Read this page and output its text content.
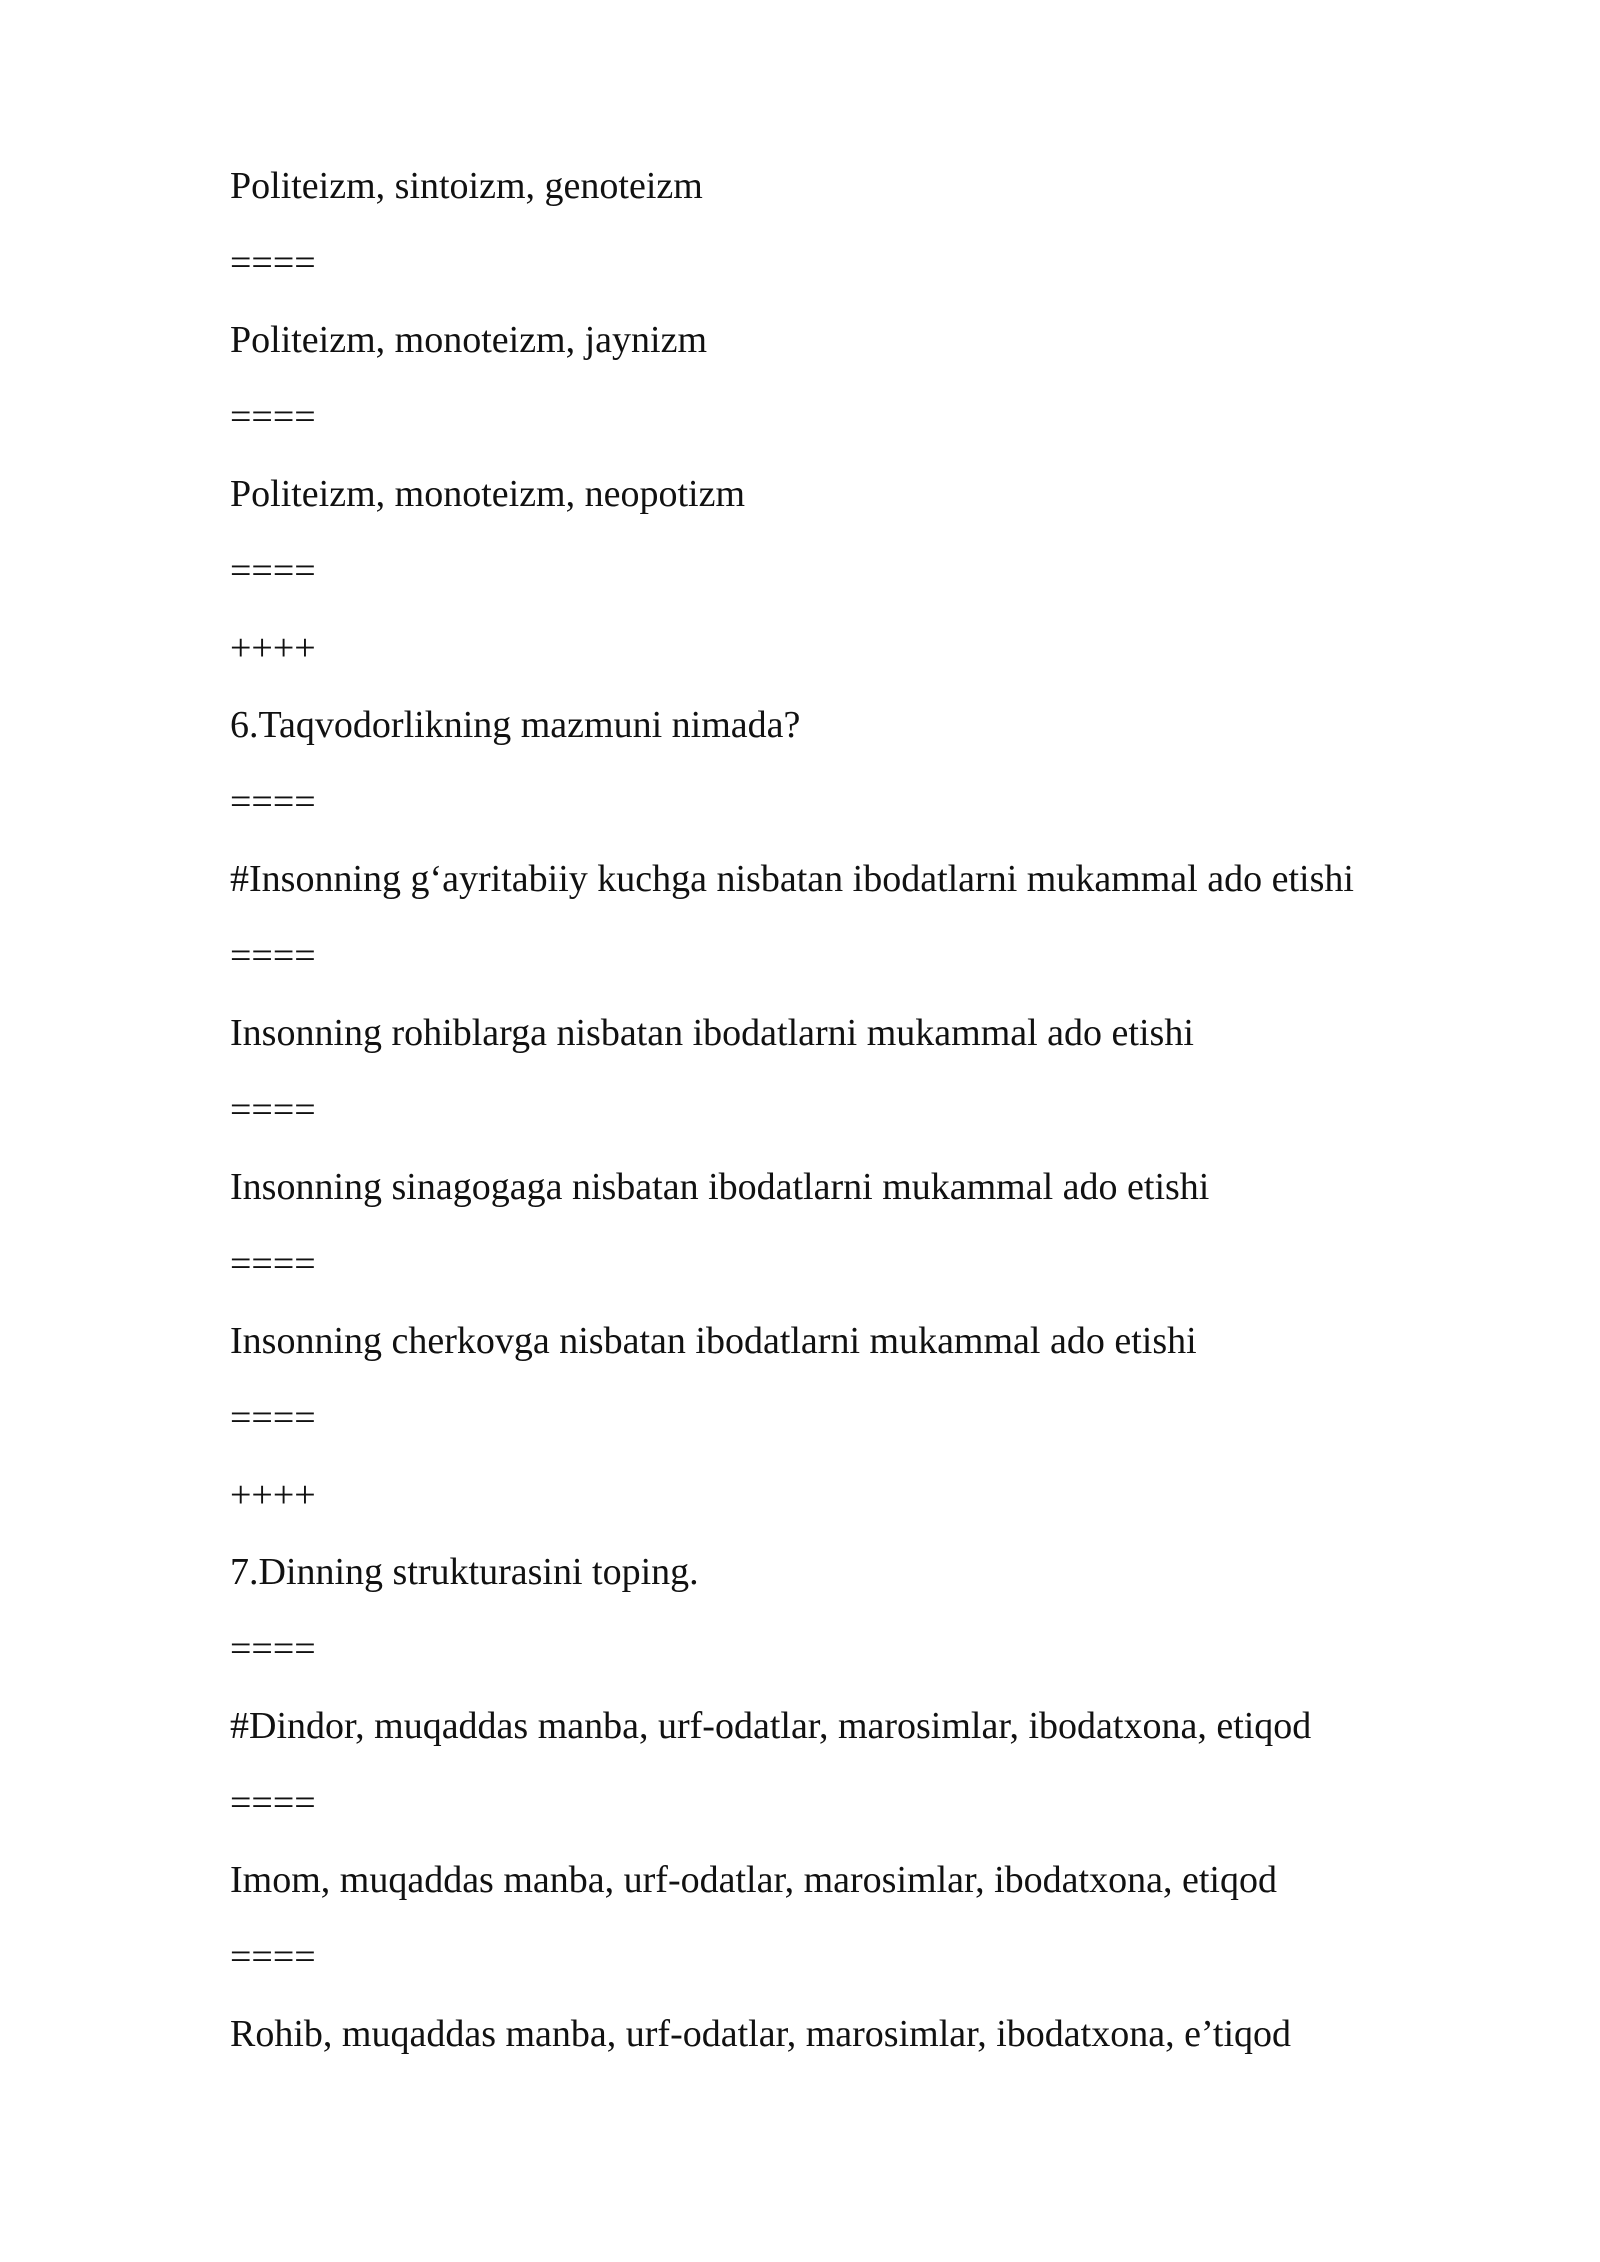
Politeizm, sintoizm, genoteizm
====
Politeizm, monoteizm, jaynizm
====
Politeizm, monoteizm, neopotizm
====
++++
6.Taqvodorlikning mazmuni nimada?
====
#Insonning g‘ayritabiiy kuchga nisbatan ibodatlarni mukammal ado etishi
====
Insonning rohiblarga nisbatan ibodatlarni mukammal ado etishi
====
Insonning sinagogaga nisbatan ibodatlarni mukammal ado etishi
====
Insonning cherkovga nisbatan ibodatlarni mukammal ado etishi
====
++++
7.Dinning strukturasini toping.
====
#Dindor, muqaddas manba, urf-odatlar, marosimlar, ibodatxona, etiqod
====
Imom, muqaddas manba, urf-odatlar, marosimlar, ibodatxona, etiqod
====
Rohib, muqaddas manba, urf-odatlar, marosimlar, ibodatxona, e’tiqod
